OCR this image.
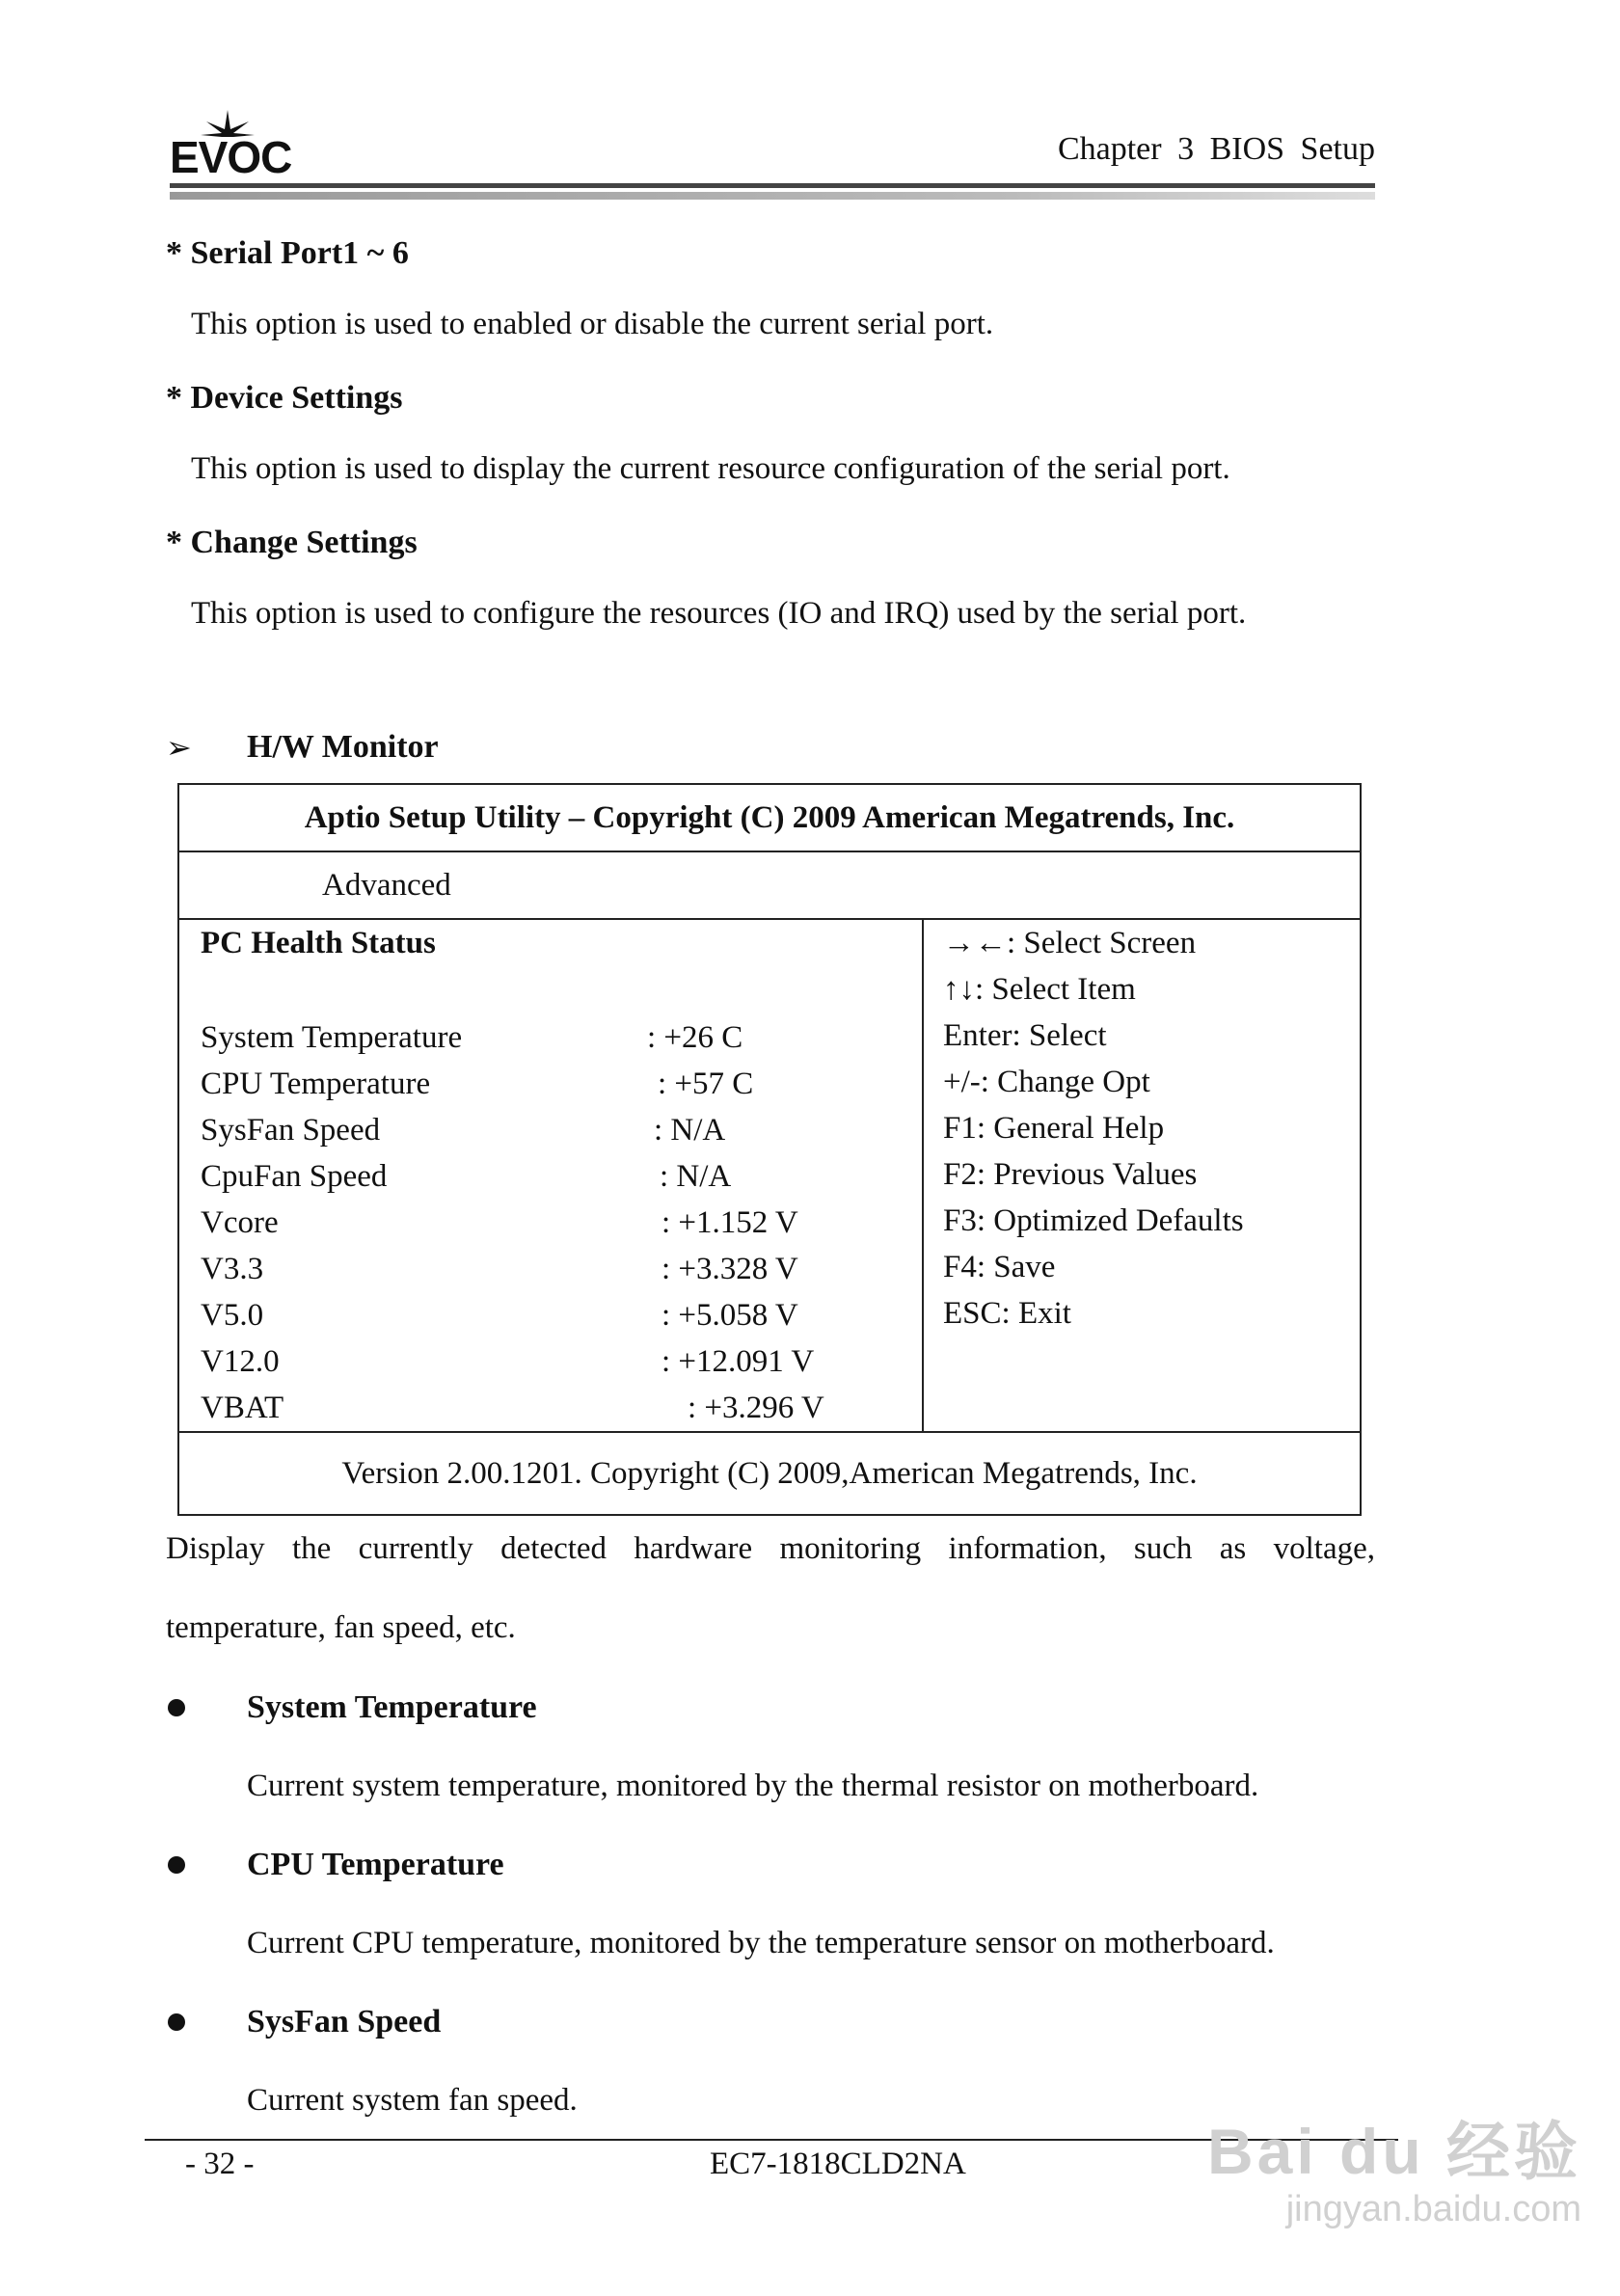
EVOC	Chapter 3 BIOS Setup
* Serial Port1 ~ 6
This option is used to enabled or disable the current serial port.
* Device Settings
This option is used to display the current resource configuration of the serial port.
* Change Settings
This option is used to configure the resources (IO and IRQ) used by the serial port.
➢ H/W Monitor
Aptio Setup Utility – Copyright (C) 2009 American Megatrends, Inc.
Advanced

PC Health Status
System Temperature	: +26 C
CPU Temperature	: +57 C
SysFan Speed	: N/A
CpuFan Speed	: N/A
Vcore	: +1.152 V
V3.3	: +3.328 V
V5.0	: +5.058 V
V12.0	: +12.091 V
VBAT	: +3.296 V

→←: Select Screen
↑↓: Select Item
Enter: Select
+/-: Change Opt
F1: General Help
F2: Previous Values
F3: Optimized Defaults
F4: Save
ESC: Exit

Version 2.00.1201. Copyright (C) 2009,American Megatrends, Inc.
Display the currently detected hardware monitoring information, such as voltage,
temperature, fan speed, etc.
System Temperature
Current system temperature, monitored by the thermal resistor on motherboard.
CPU Temperature
Current CPU temperature, monitored by the temperature sensor on motherboard.
SysFan Speed
Current system fan speed.
- 32 -	EC7-1818CLD2NA	Bai du 经验
jingyan.baidu.com
